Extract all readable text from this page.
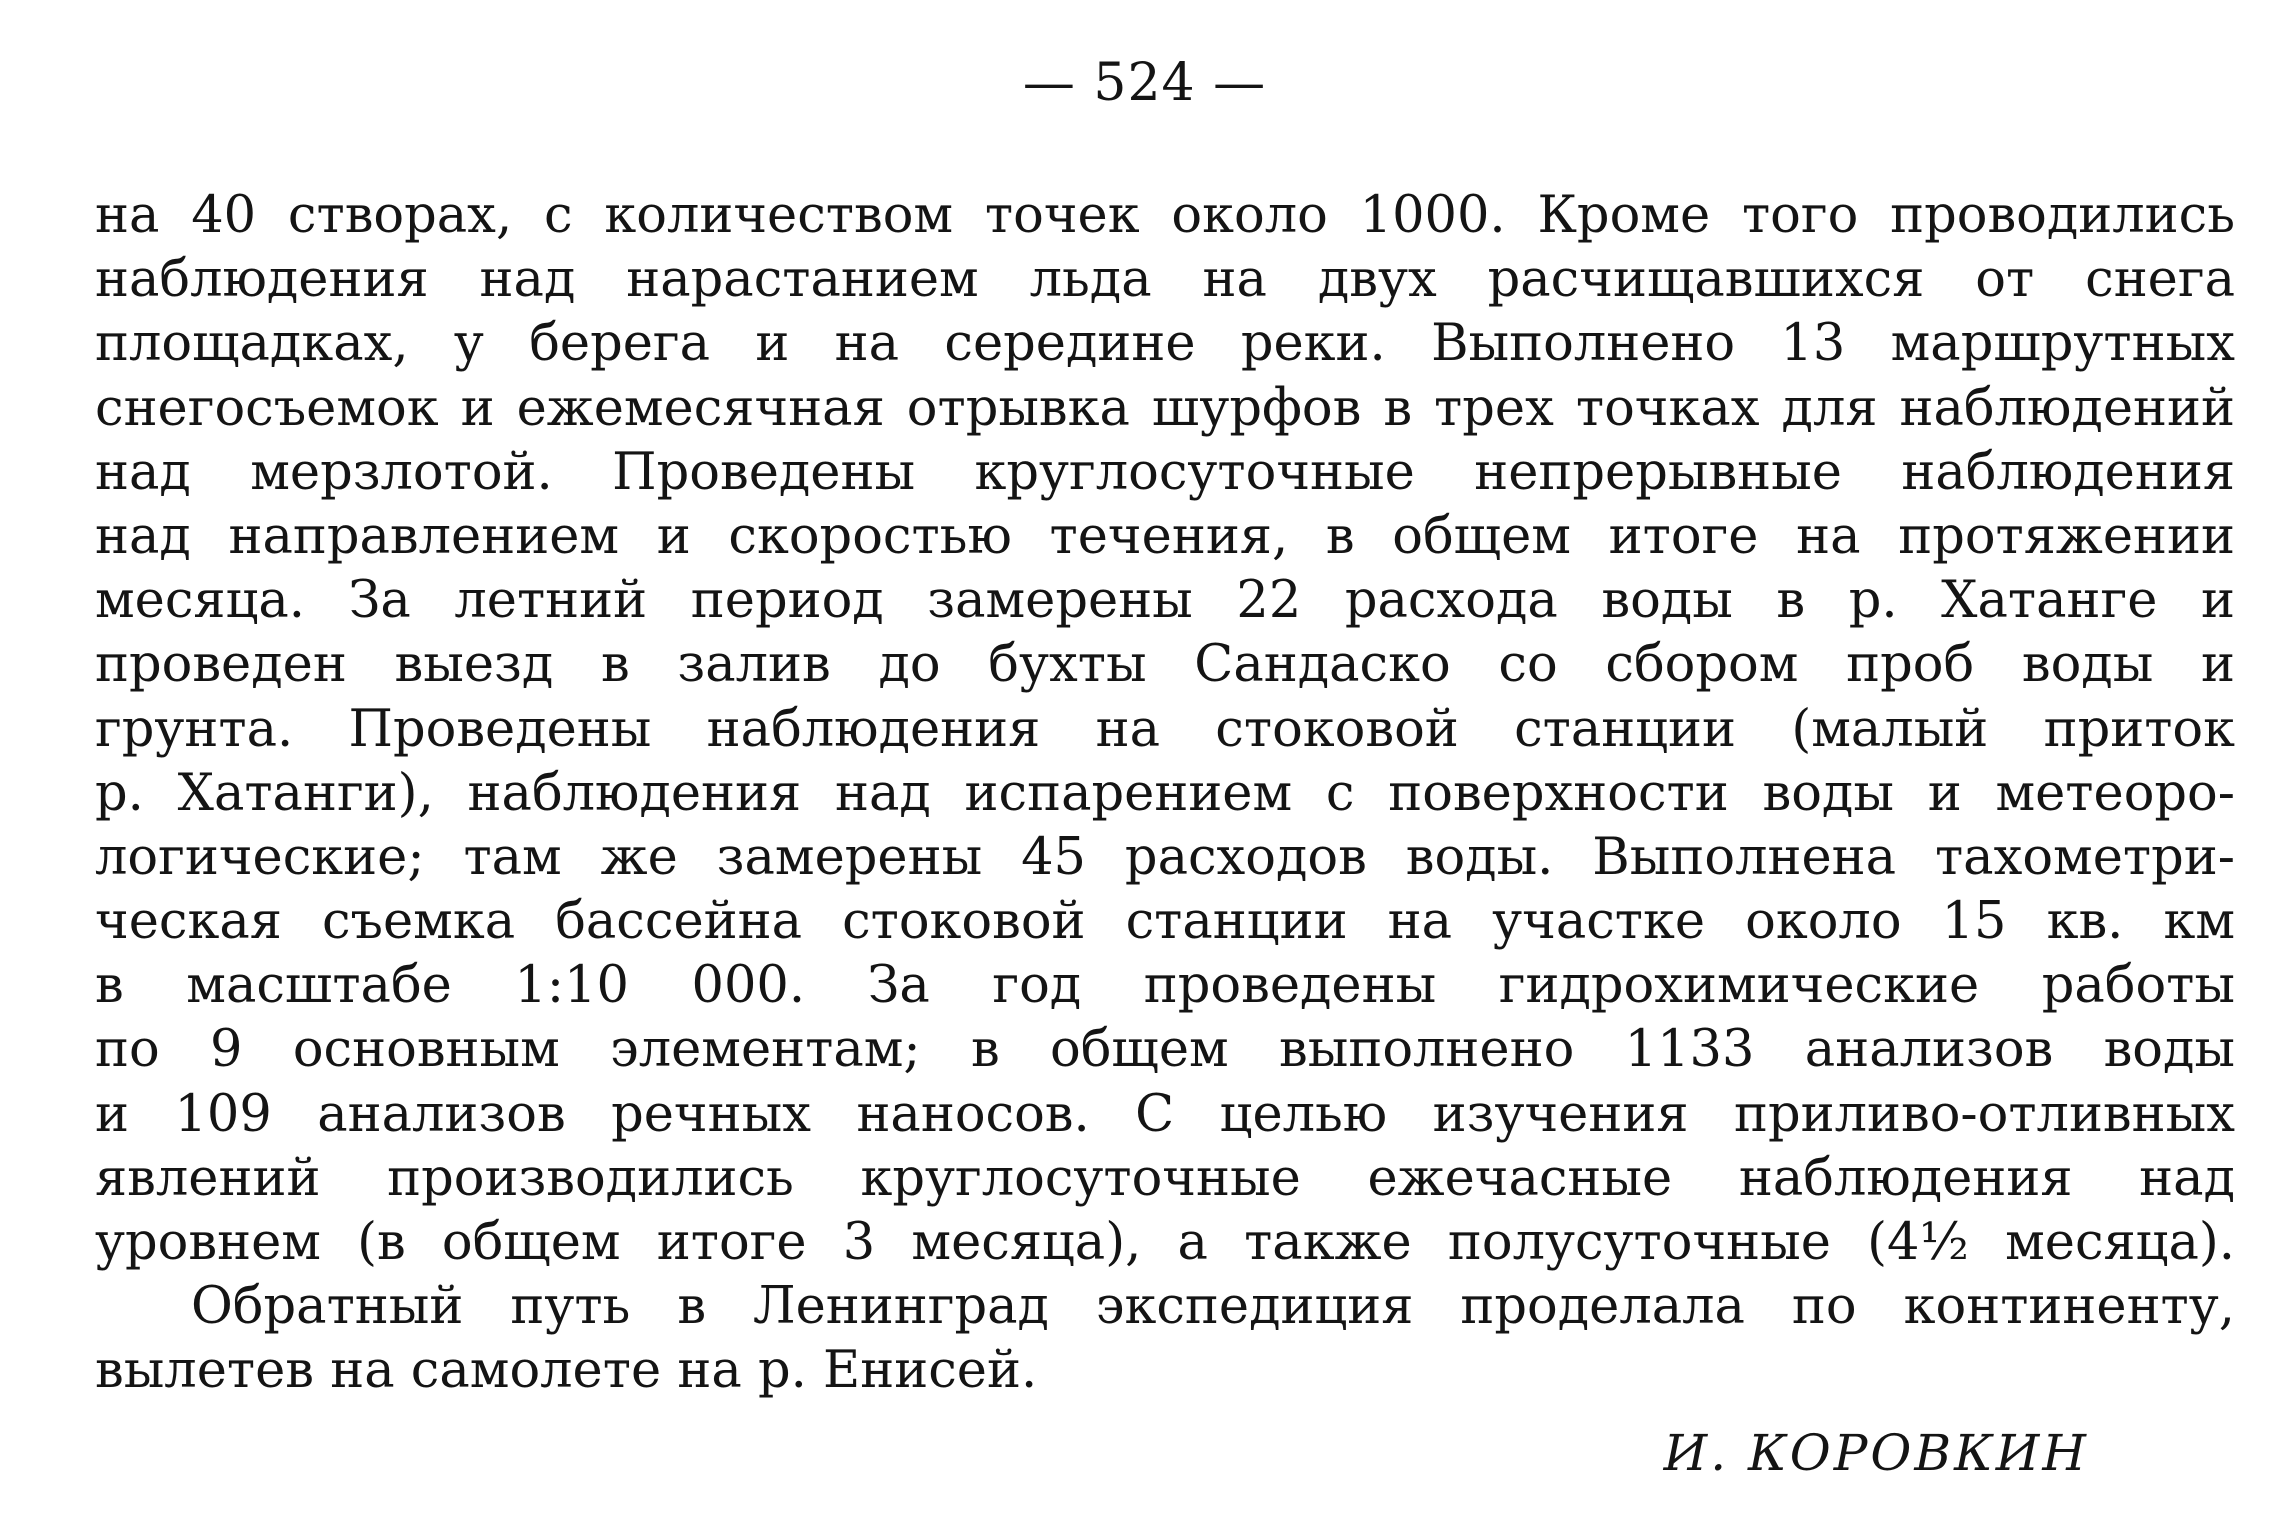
— 524 —
на 40 створах, с количеством точек около 1000. Кроме того проводились
наблюдения над нарастанием льда на двух расчищавшихся от снега
площадках, у берега и на середине реки. Выполнено 13 маршрутных
снегосъемок и ежемесячная отрывка шурфов в трех точках для наблюдений
над мерзлотой. Проведены круглосуточные непрерывные наблюдения
над направлением и скоростью течения, в общем итоге на протяжении
месяца. За летний период замерены 22 расхода воды в р. Хатанге и
проведен выезд в залив до бухты Сандаско со сбором проб воды и
грунта. Проведены наблюдения на стоковой станции (малый приток
р. Хатанги), наблюдения над испарением с поверхности воды и метеоро-
логические; там же замерены 45 расходов воды. Выполнена тахометри-
ческая съемка бассейна стоковой станции на участке около 15 кв. км
в масштабе 1:10 000. За год проведены гидрохимические работы
по 9 основным элементам; в общем выполнено 1133 анализов воды
и 109 анализов речных наносов. С целью изучения приливо-отливных
явлений производились круглосуточные ежечасные наблюдения над
уровнем (в общем итоге 3 месяца), а также полусуточные (4½ месяца).
Обратный путь в Ленинград экспедиция проделала по континенту,
вылетев на самолете на р. Енисей.
И. КОРОВКИН
